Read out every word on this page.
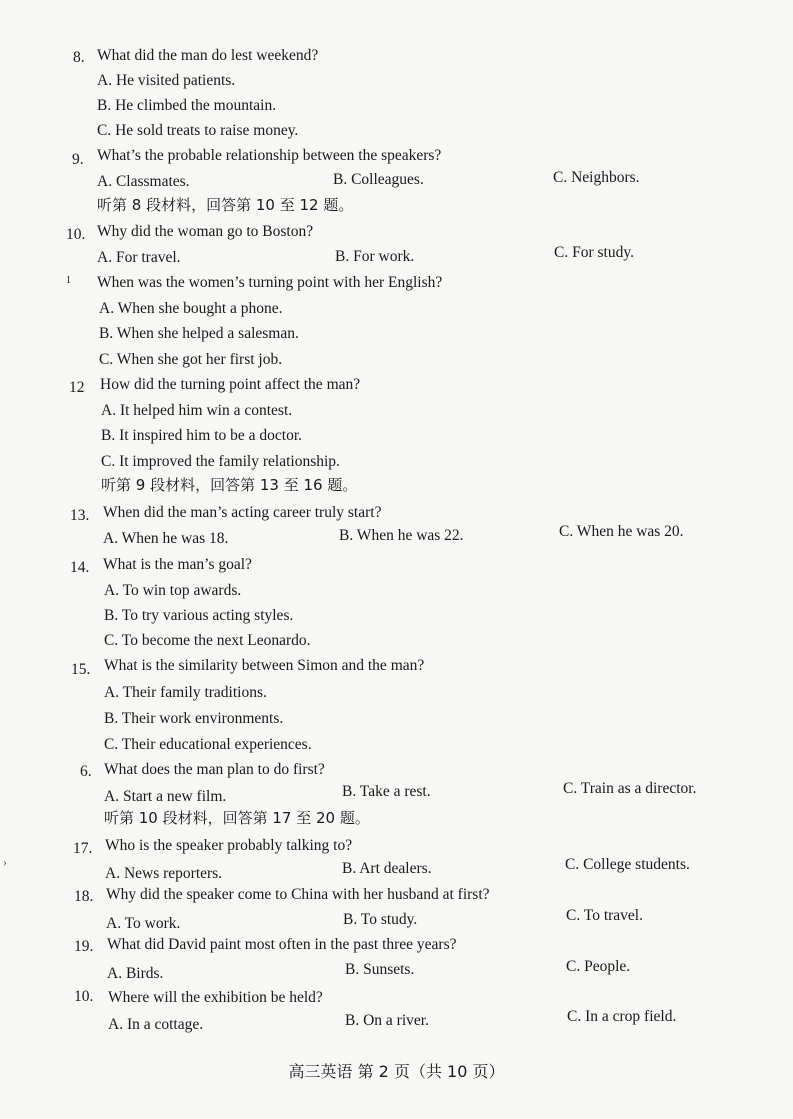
8. What did the man do lest weekend?
A. He visited patients.
B. He climbed the mountain.
C. He sold treats to raise money.
9. What’s the probable relationship between the speakers?
A. Classmates.	B. Colleagues.	C. Neighbors.
听第 8 段材料，回答第 10 至 12 题。
10. Why did the woman go to Boston?
A. For travel.	B. For work.	C. For study.
1 When was the women’s turning point with her English?
A. When she bought a phone.
B. When she helped a salesman.
C. When she got her first job.
12 How did the turning point affect the man?
A. It helped him win a contest.
B. It inspired him to be a doctor.
C. It improved the family relationship.
听第 9 段材料，回答第 13 至 16 题。
13. When did the man’s acting career truly start?
A. When he was 18.	B. When he was 22.	C. When he was 20.
14. What is the man’s goal?
A. To win top awards.
B. To try various acting styles.
C. To become the next Leonardo.
15. What is the similarity between Simon and the man?
A. Their family traditions.
B. Their work environments.
C. Their educational experiences.
6. What does the man plan to do first?
A. Start a new film.	B. Take a rest.	C. Train as a director.
听第 10 段材料，回答第 17 至 20 题。
›
17. Who is the speaker probably talking to?
A. News reporters.	B. Art dealers.	C. College students.
18. Why did the speaker come to China with her husband at first?
A. To work.	B. To study.	C. To travel.
19. What did David paint most often in the past three years?
A. Birds.	B. Sunsets.	C. People.
10. Where will the exhibition be held?
A. In a cottage.	B. On a river.	C. In a crop field.
高三英语 第 2 页（共 10 页）
